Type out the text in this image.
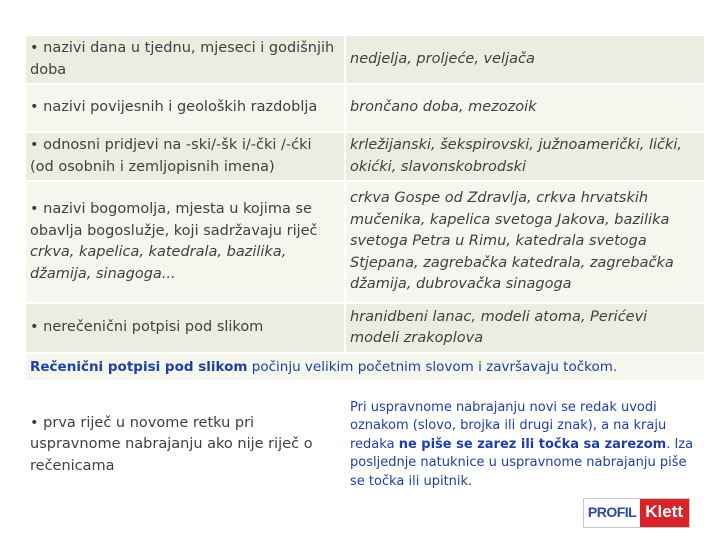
• nazivi dana u tjednu, mjeseci i godišnjih doba	nedjelja, proljeće, veljača
• nazivi povijesnih i geoloških razdoblja	brončano doba, mezozoik
• odnosni pridjevi na -ski/-šk i/-čki /-ćki (od osobnih i zemljopisnih imena)	krležijanski, šekspirovski, južnoamerički, lički, okićki, slavonskobrodski
• nazivi bogomolja, mjesta u kojima se obavlja bogoslužje, koji sadržavaju riječ crkva, kapelica, katedrala, bazilika, džamija, sinagoga...	crkva Gospe od Zdravlja, crkva hrvatskih mučenika, kapelica svetoga Jakova, bazilika svetoga Petra u Rimu, katedrala svetoga Stjepana, zagrebačka katedrala, zagrebačka džamija, dubrovačka sinagoga
• nerečenični potpisi pod slikom	hranidbeni lanac, modeli atoma, Perićevi modeli zrakoplova
Rečenični potpisi pod slikom počinju velikim početnim slovom i završavaju točkom.	
• prva riječ u novome retku pri uspravnome nabrajanju ako nije riječ o rečenicama	Pri uspravnome nabrajanju novi se redak uvodi oznakom (slovo, brojka ili drugi znak), a na kraju redaka ne piše se zarez ili točka sa zarezom. Iza posljednje natuknice u uspravnome nabrajanju piše se točka ili upitnik.
PROFIL Klett
